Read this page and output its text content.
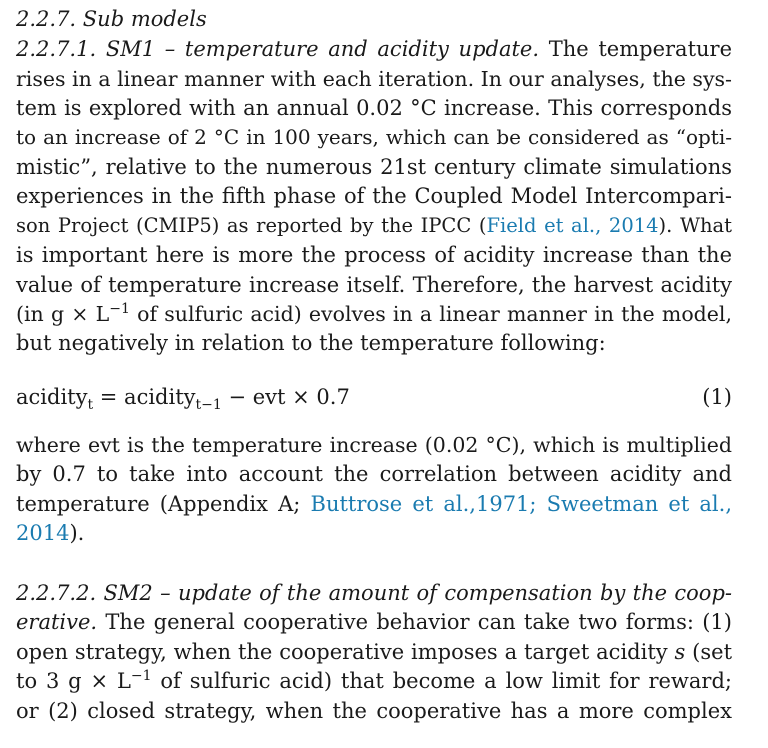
2.2.7. Sub models
2.2.7.1. SM1 – temperature and acidity update. The temperature
rises in a linear manner with each iteration. In our analyses, the sys-
tem is explored with an annual 0.02 °C increase. This corresponds
to an increase of 2 °C in 100 years, which can be considered as “opti-
mistic”, relative to the numerous 21st century climate simulations
experiences in the fifth phase of the Coupled Model Intercompari-
son Project (CMIP5) as reported by the IPCC (Field et al., 2014). What
is important here is more the process of acidity increase than the
value of temperature increase itself. Therefore, the harvest acidity
(in $g \times L^{-1}$ of sulfuric acid) evolves in a linear manner in the model,
but negatively in relation to the temperature following:
acidity$_t$ = acidity$_{t-1}$ − evt × 0.7	(1)
where evt is the temperature increase (0.02 °C), which is multiplied
by 0.7 to take into account the correlation between acidity and
temperature (Appendix A; Buttrose et al.,1971; Sweetman et al.,
2014).
2.2.7.2. SM2 – update of the amount of compensation by the coop-
erative. The general cooperative behavior can take two forms: (1)
open strategy, when the cooperative imposes a target acidity s (set
to 3 $g \times L^{-1}$ of sulfuric acid) that become a low limit for reward;
or (2) closed strategy, when the cooperative has a more complex
